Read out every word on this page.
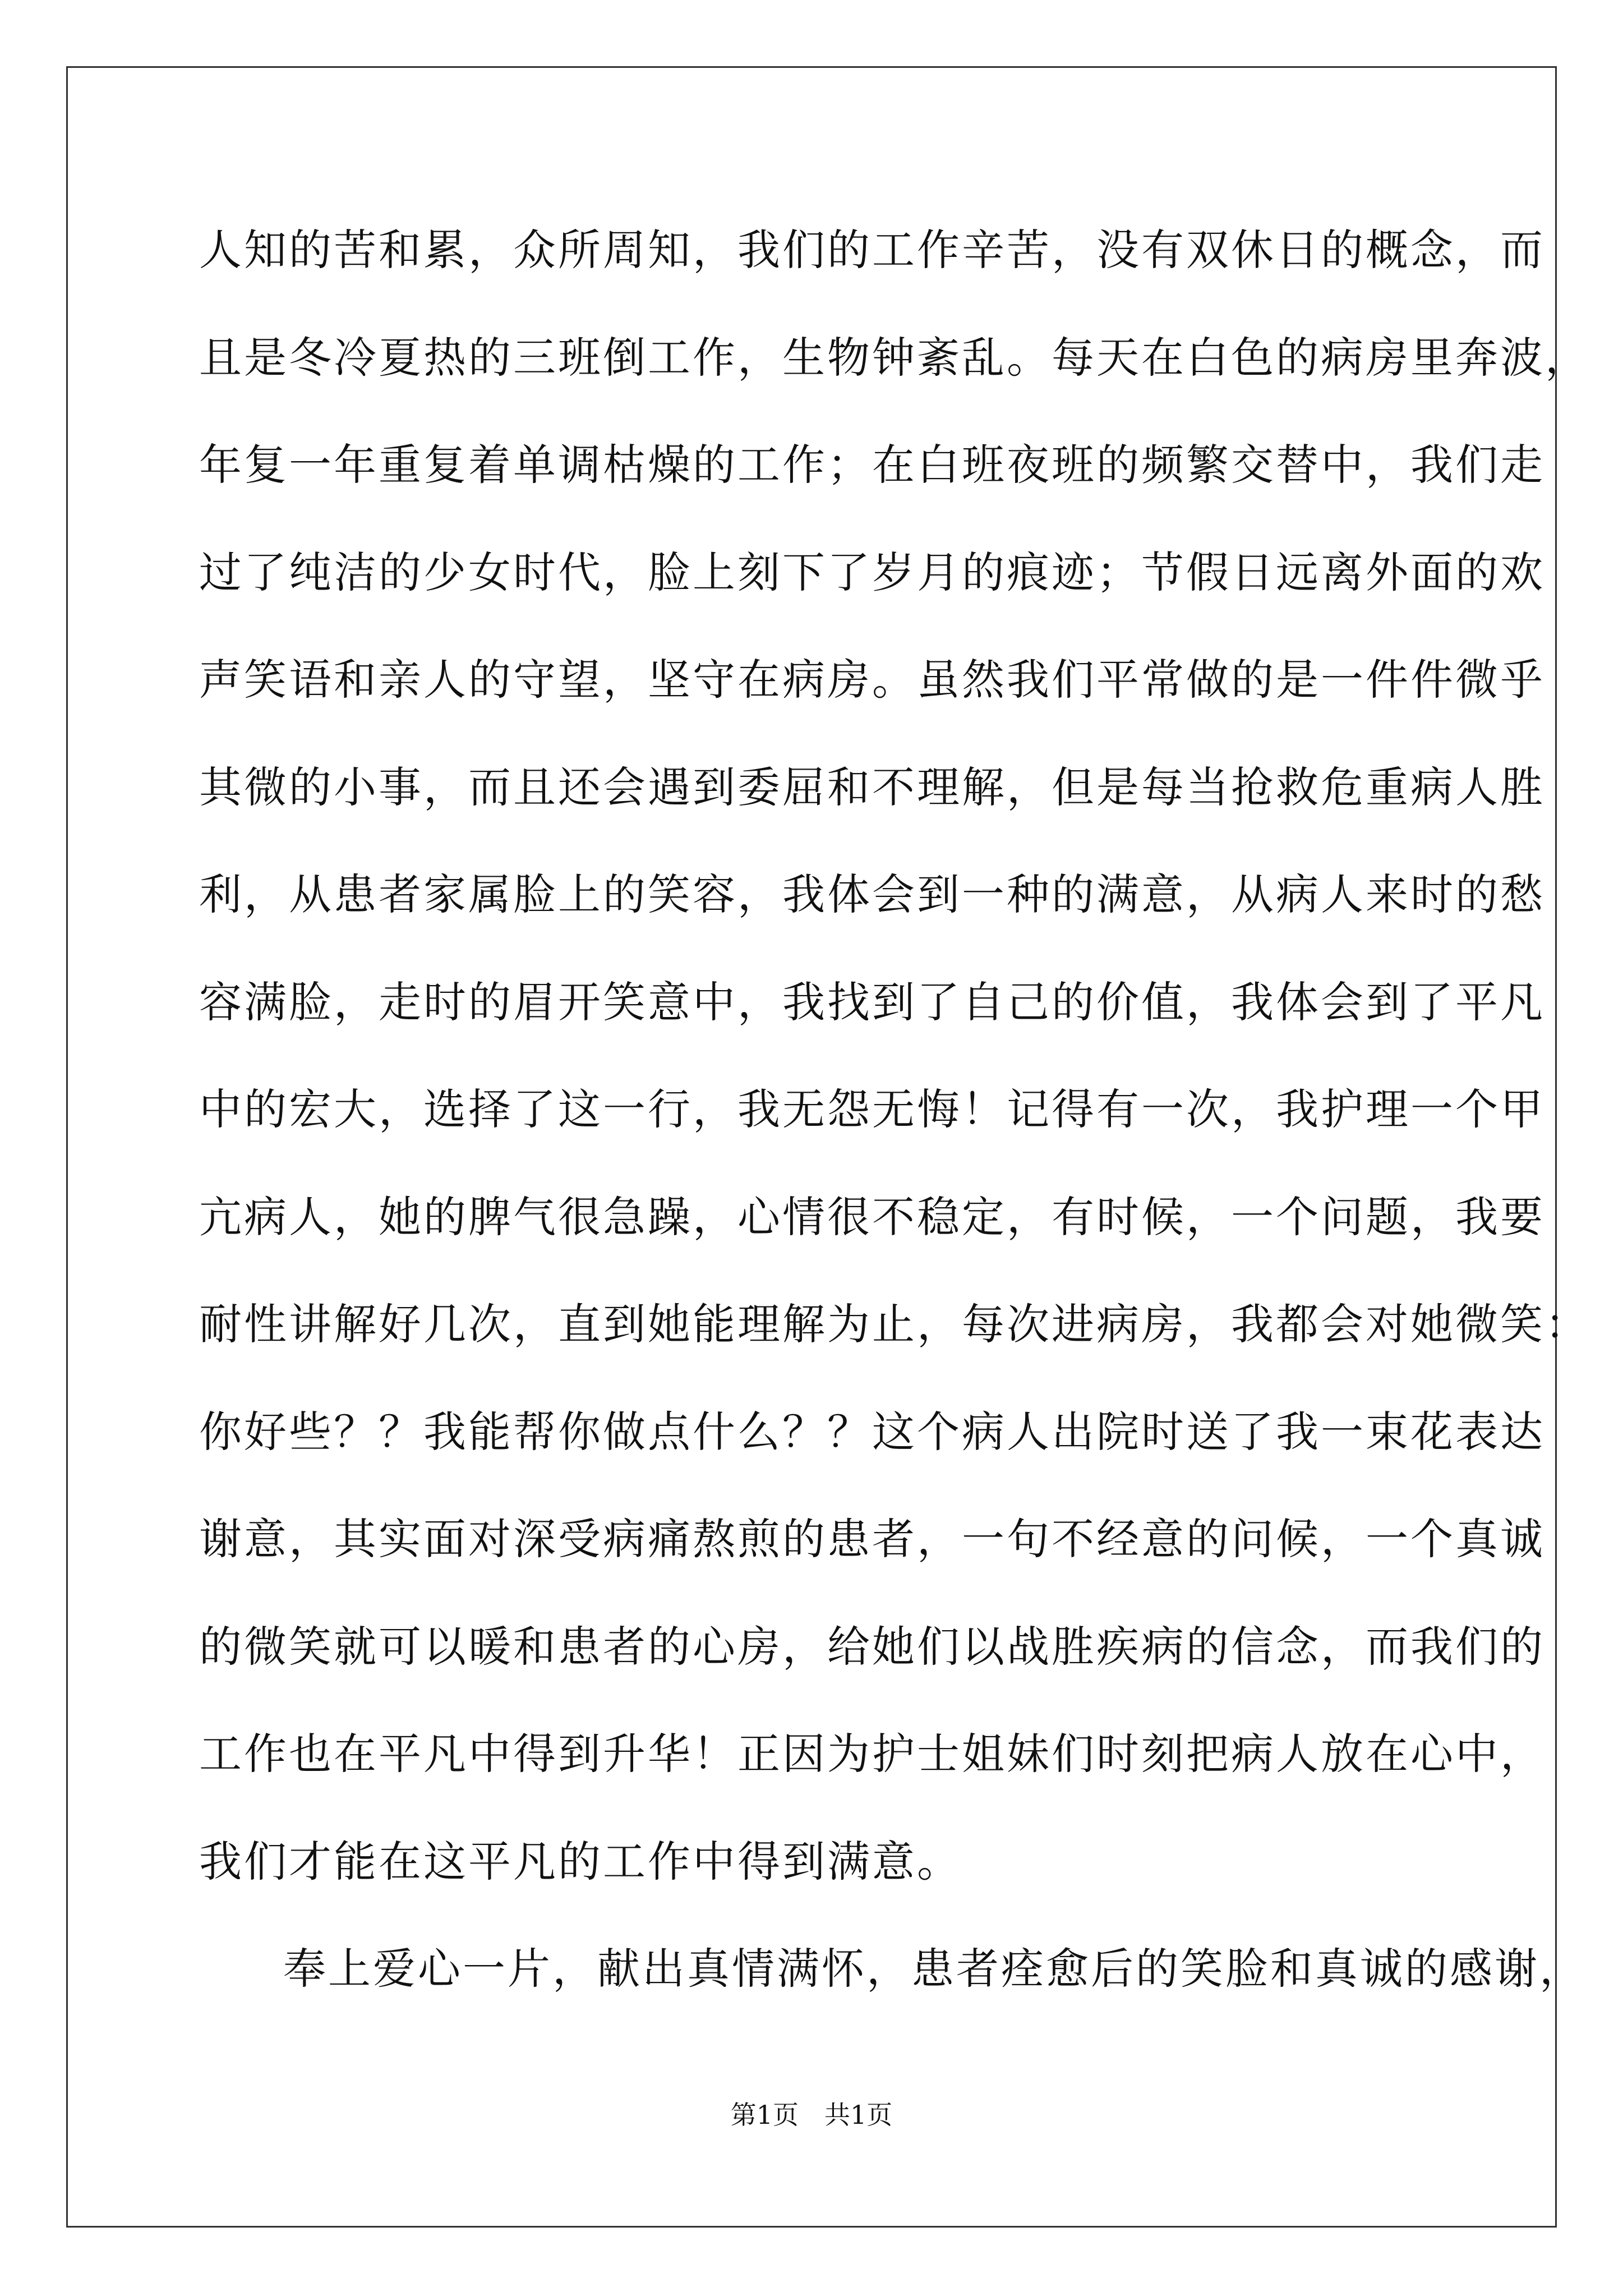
人知的苦和累，众所周知，我们的工作辛苦，没有双休日的概念，而
且是冬冷夏热的三班倒工作，生物钟紊乱。每天在白色的病房里奔波，
年复一年重复着单调枯燥的工作；在白班夜班的频繁交替中，我们走
过了纯洁的少女时代，脸上刻下了岁月的痕迹；节假日远离外面的欢
声笑语和亲人的守望，坚守在病房。虽然我们平常做的是一件件微乎
其微的小事，而且还会遇到委屈和不理解，但是每当抢救危重病人胜
利，从患者家属脸上的笑容，我体会到一种的满意，从病人来时的愁
容满脸，走时的眉开笑意中，我找到了自己的价值，我体会到了平凡
中的宏大，选择了这一行，我无怨无悔！记得有一次，我护理一个甲
亢病人，她的脾气很急躁，心情很不稳定，有时候，一个问题，我要
耐性讲解好几次，直到她能理解为止，每次进病房，我都会对她微笑：
你好些？？我能帮你做点什么？？这个病人出院时送了我一束花表达
谢意，其实面对深受病痛熬煎的患者，一句不经意的问候，一个真诚
的微笑就可以暖和患者的心房，给她们以战胜疾病的信念，而我们的
工作也在平凡中得到升华！正因为护士姐妹们时刻把病人放在心中，
我们才能在这平凡的工作中得到满意。
奉上爱心一片，献出真情满怀，患者痊愈后的笑脸和真诚的感谢，
第1页　共1页
